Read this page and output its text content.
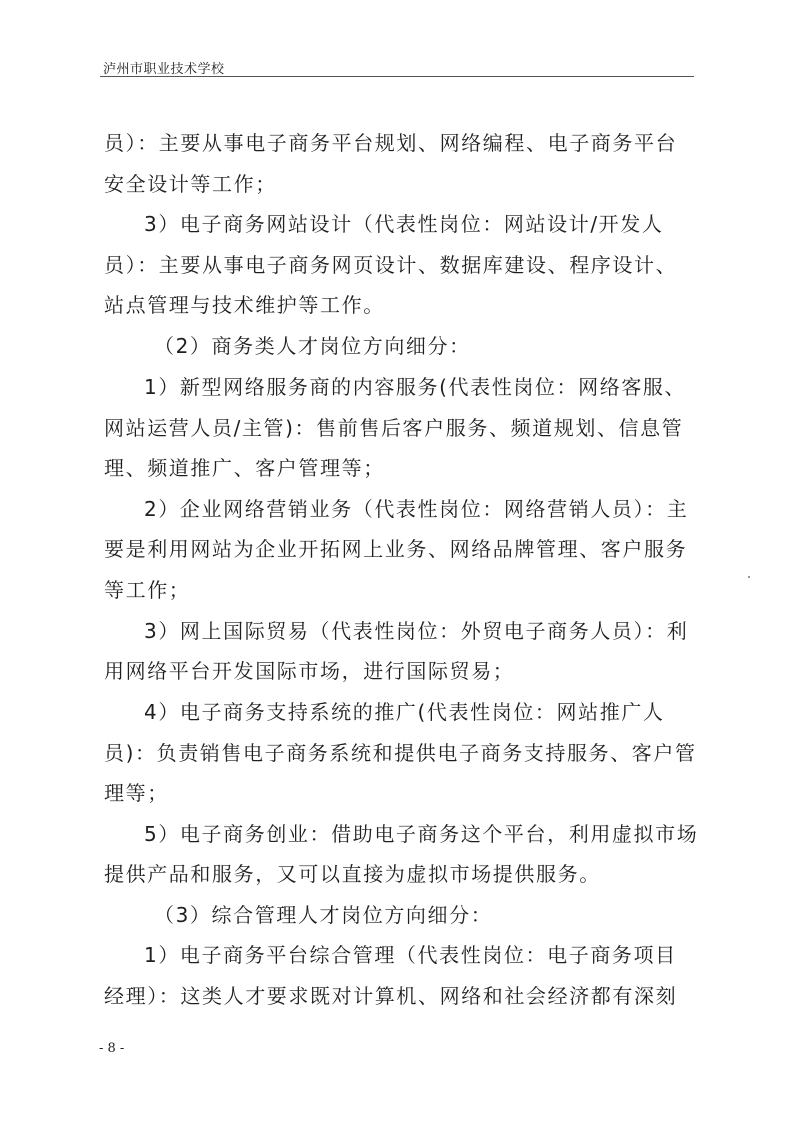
泸州市职业技术学校
员）：主要从事电子商务平台规划、网络编程、电子商务平台
安全设计等工作；
3）电子商务网站设计（代表性岗位：网站设计/开发人
员）：主要从事电子商务网页设计、数据库建设、程序设计、
站点管理与技术维护等工作。
（2）商务类人才岗位方向细分：
1）新型网络服务商的内容服务(代表性岗位：网络客服、
网站运营人员/主管)：售前售后客户服务、频道规划、信息管
理、频道推广、客户管理等；
2）企业网络营销业务（代表性岗位：网络营销人员）：主
要是利用网站为企业开拓网上业务、网络品牌管理、客户服务
等工作；
3）网上国际贸易（代表性岗位：外贸电子商务人员）：利
用网络平台开发国际市场，进行国际贸易；
4）电子商务支持系统的推广(代表性岗位：网站推广人
员)：负责销售电子商务系统和提供电子商务支持服务、客户管
理等；
5）电子商务创业：借助电子商务这个平台，利用虚拟市场
提供产品和服务，又可以直接为虚拟市场提供服务。
（3）综合管理人才岗位方向细分：
1）电子商务平台综合管理（代表性岗位：电子商务项目
经理）：这类人才要求既对计算机、网络和社会经济都有深刻
- 8 -
